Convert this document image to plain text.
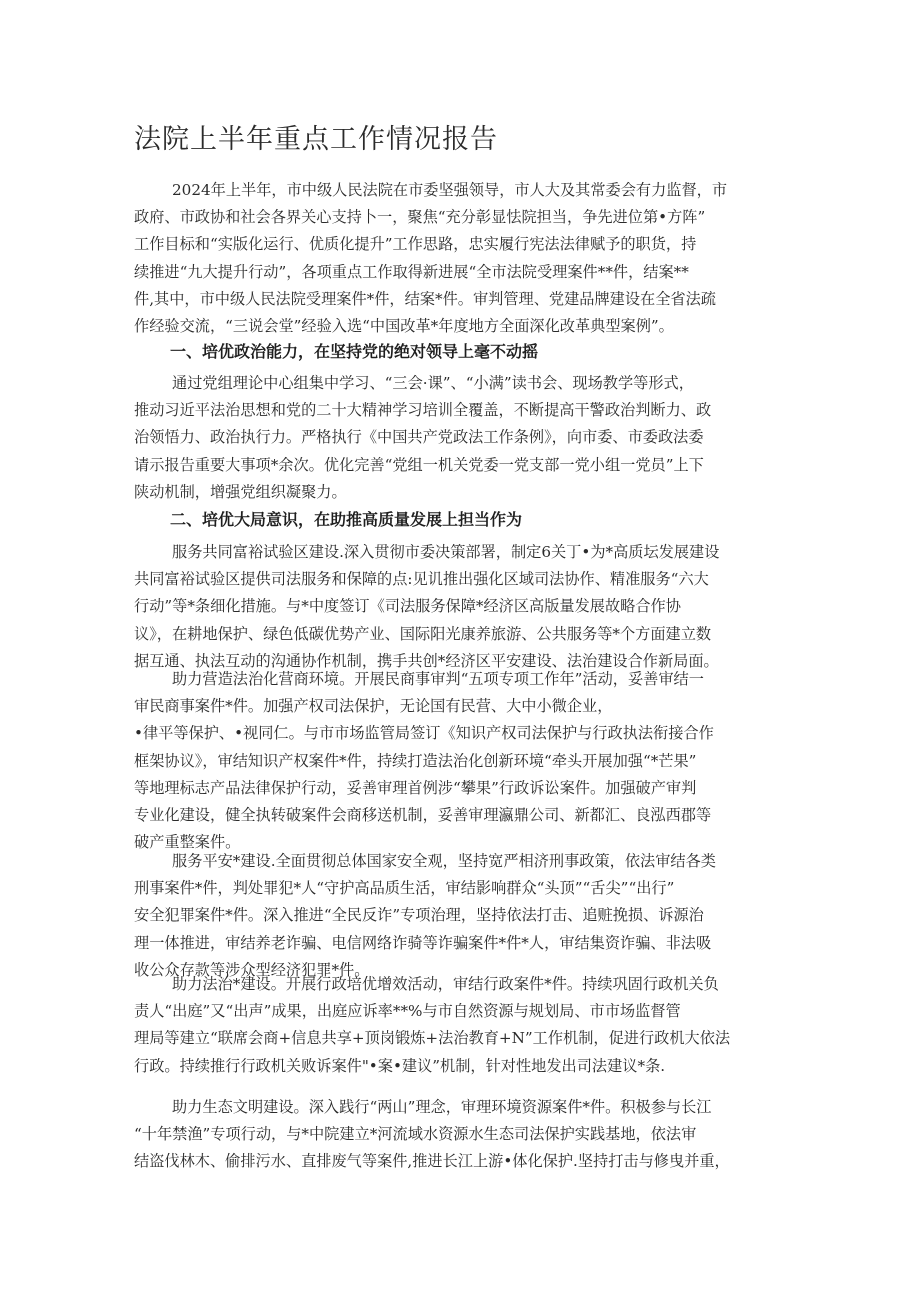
法院上半年重点工作情况报告
2024年上半年，市中级人民法院在市委坚强领导，市人大及其常委会有力监督，市
政府、市政协和社会各界关心支持卜一，聚焦“充分彰显怯院担当，争先进位第•方阵”
工作目标和“实版化运行、优质化提升”工作思路，忠实履行宪法法律赋予的职货，持
续推进“九大提升行动”，各项重点工作取得新进展“全市法院受理案件**件，结案**
件,其中，市中级人民法院受理案件*件，结案*件。审判管理、党建品牌建设在全省法疏
作经验交流，“三说会堂”经验入选“中国改革*年度地方全面深化改革典型案例”。
一、培优政治能力，在坚持党的绝对领导上毫不动摇
通过党组理论中心组集中学习、“三会·课”、“小满”读书会、现场教学等形式，
推动习近平法治思想和党的二十大精神学习培训全覆盖，不断提高干警政治判断力、政
治领悟力、政治执行力。严格执行《中国共产党政法工作条例》，向市委、市委政法委
请示报告重要大事项*余次。优化完善“党组一机关党委一党支部一党小组一党员”上下
陕动机制，增强党组织凝聚力。
二、培优大局意识，在助推高质量发展上担当作为
服务共同富裕试验区建设.深入贯彻市委决策部署，制定6关丁•为*高质坛发展建设
共同富裕试验区提供司法服务和保障的点:见讥推出强化区域司法协作、精准服务“六大
行动”等*条细化措施。与*中度签订《司法服务保障*经济区高版量发展故略合作协
议》，在耕地保护、绿色低碳优势产业、国际阳光康养旅游、公共服务等*个方面建立数
据互通、执法互动的沟通协作机制，携手共创*经济区平安建设、法治建设合作新局面。
助力营造法治化营商环境。开展民商事审判“五项专项工作年”活动，妥善审结一
审民商事案件*件。加强产权司法保护，无论国有民营、大中小微企业，
•律平等保护、•视同仁。与市市场监管局签订《知识产权司法保护与行政执法衔接合作
框架协议》，审结知识产权案件*件，持续打造法治化创新环境“牵头开展加强“*芒果”
等地理标志产品法律保护行动，妥善审理首例涉“攀果”行政诉讼案件。加强破产审判
专业化建设，健全执转破案件会商移送机制，妥善审理瀛鼎公司、新都汇、良泓西郡等
破产重整案件。
服务平安*建设.全面贯彻总体国家安全观，坚持宽严相济刑事政策，依法审结各类
刑事案件*件，判处罪犯*人“守护高品质生活，审结影响群众“头顶”“舌尖”“出行”
安全犯罪案件*件。深入推进“全民反诈”专项治理，坚持依法打击、追赃挽损、诉源治
理一体推进，审结养老诈骗、电信网络诈骑等诈骗案件*件*人，审结集资诈骗、非法吸
收公众存款等涉众型经济犯罪*件。
助力法治*建设。开展行政培优增效活动，审结行政案件*件。持续巩固行政机关负
责人“出庭”又“出声”成果，出庭应诉率**%与市自然资源与规划局、市市场监督管
理局等建立“联席会商+信息共享+顶岗锻炼+法治教育+N”工作机制，促进行政机大依法
行政。持续推行行政机关败诉案件"•案•建议”机制，针对性地发出司法建议*条.
助力生态文明建设。深入践行“两山”理念，审理环境资源案件*件。积极参与长江
“十年禁渔”专项行动，与*中院建立*河流域水资源水生态司法保护实践基地，依法审
结盗伐林木、偷排污水、直排废气等案件,推进长江上游•体化保护.坚持打击与修曳并重，
